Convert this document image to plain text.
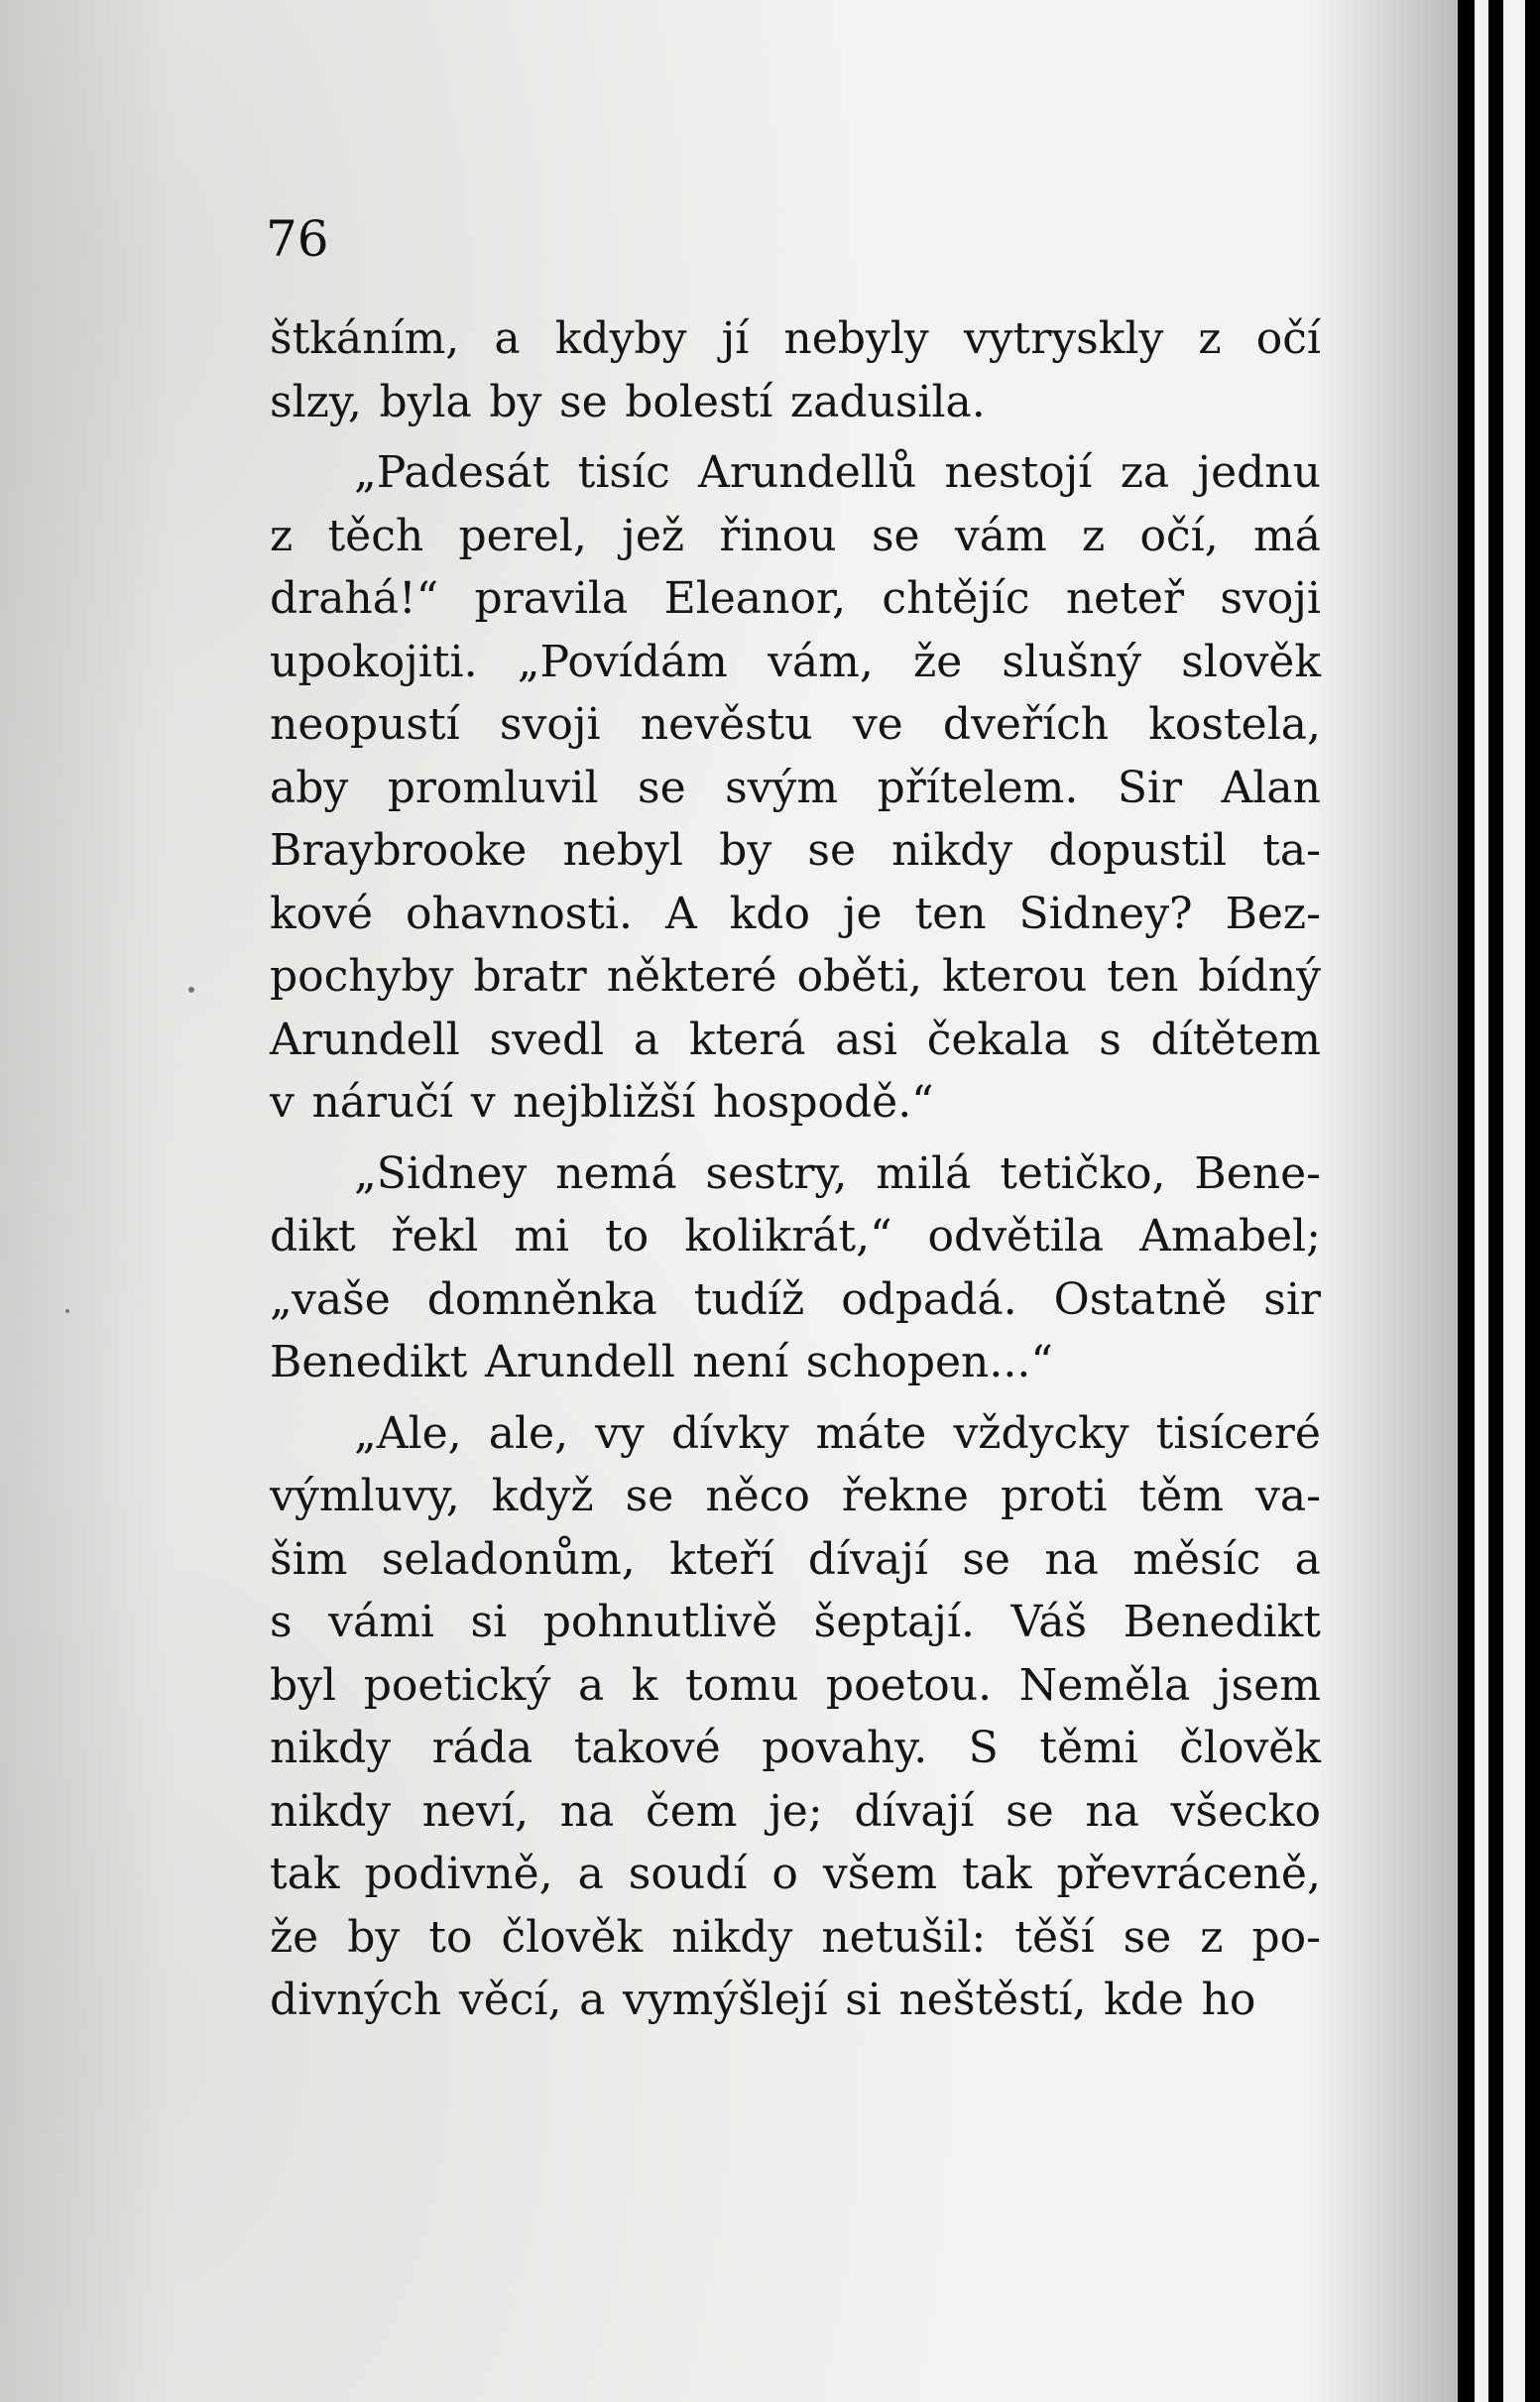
76
štkáním, a kdyby jí nebyly vytryskly z očí
slzy, byla by se bolestí zadusila.
„Padesát tisíc Arundellů nestojí za jednu
z těch perel, jež řinou se vám z očí, má
drahá!“ pravila Eleanor, chtějíc neteř svoji
upokojiti. „Povídám vám, že slušný slověk
neopustí svoji nevěstu ve dveřích kostela,
aby promluvil se svým přítelem. Sir Alan
Braybrooke nebyl by se nikdy dopustil ta-
kové ohavnosti. A kdo je ten Sidney? Bez-
pochyby bratr některé oběti, kterou ten bídný
Arundell svedl a která asi čekala s dítětem
v náručí v nejbližší hospodě.“
„Sidney nemá sestry, milá tetičko, Bene-
dikt řekl mi to kolikrát,“ odvětila Amabel;
„vaše domněnka tudíž odpadá. Ostatně sir
Benedikt Arundell není schopen...“
„Ale, ale, vy dívky máte vždycky tisíceré
výmluvy, když se něco řekne proti těm va-
šim seladonům, kteří dívají se na měsíc a
s vámi si pohnutlivě šeptají. Váš Benedikt
byl poetický a k tomu poetou. Neměla jsem
nikdy ráda takové povahy. S těmi člověk
nikdy neví, na čem je; dívají se na všecko
tak podivně, a soudí o všem tak převráceně,
že by to člověk nikdy netušil: těší se z po-
divných věcí, a vymýšlejí si neštěstí, kde ho
